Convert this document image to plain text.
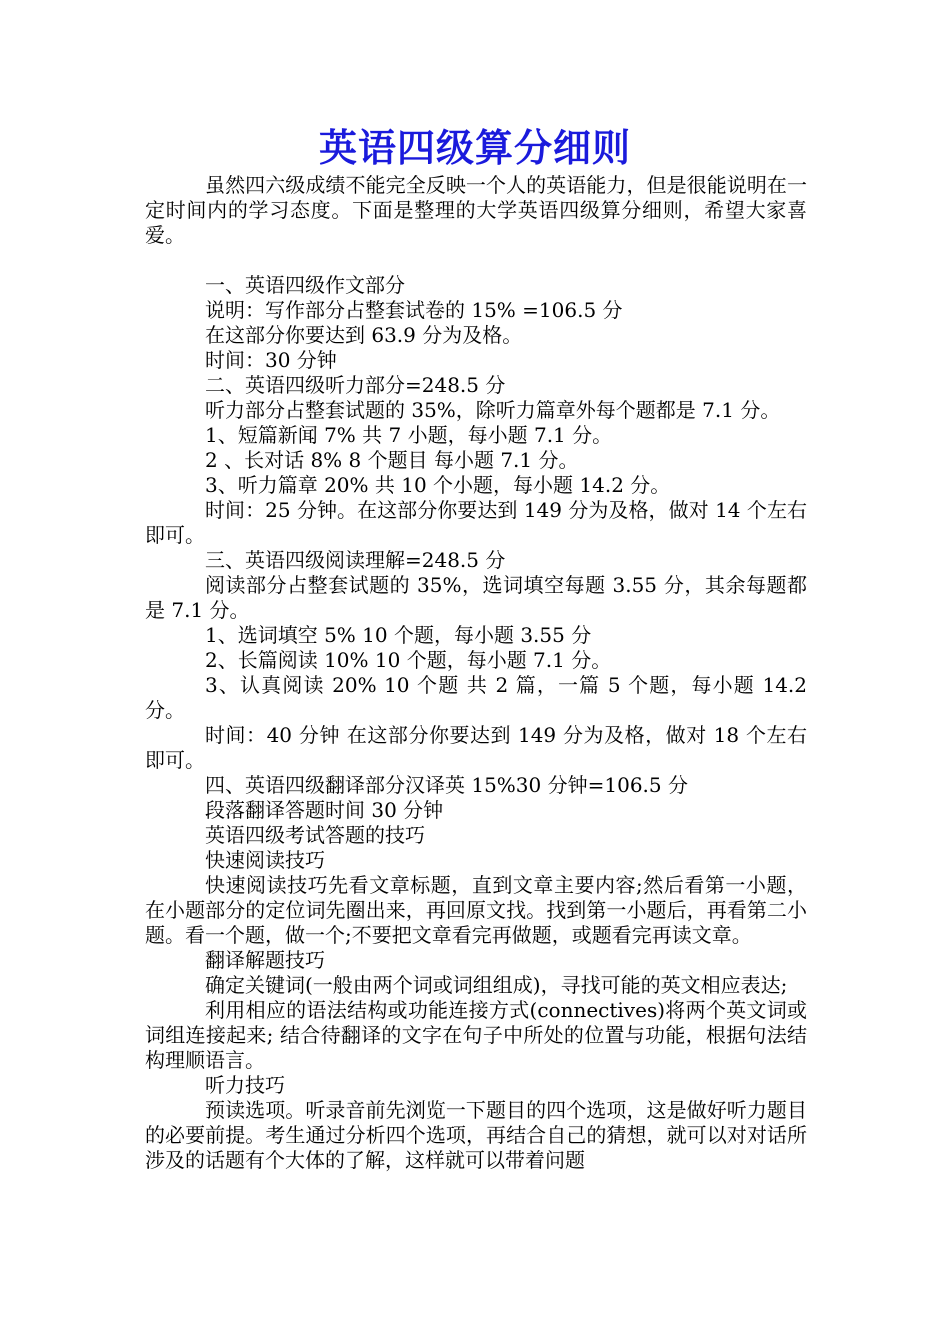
英语四级算分细则

虽然四六级成绩不能完全反映一个人的英语能力，但是很能说明在一定时间内的学习态度。下面是整理的大学英语四级算分细则，希望大家喜爱。

一、英语四级作文部分

说明：写作部分占整套试卷的 15% =106.5 分

在这部分你要达到 63.9 分为及格。

时间：30 分钟

二、英语四级听力部分=248.5 分

听力部分占整套试题的 35%，除听力篇章外每个题都是 7.1 分。

1、短篇新闻 7% 共 7 小题，每小题 7.1 分。

2 、长对话 8% 8 个题目 每小题 7.1 分。

3、听力篇章 20% 共 10 个小题，每小题 14.2 分。

时间：25 分钟。在这部分你要达到 149 分为及格，做对 14 个左右即可。

三、英语四级阅读理解=248.5 分

阅读部分占整套试题的 35%，选词填空每题 3.55 分，其余每题都是 7.1 分。

1、选词填空 5% 10 个题，每小题 3.55 分

2、长篇阅读 10% 10 个题，每小题 7.1 分。

3、认真阅读 20% 10 个题 共 2 篇，一篇 5 个题，每小题 14.2 分。

时间：40 分钟 在这部分你要达到 149 分为及格，做对 18 个左右即可。

四、英语四级翻译部分汉译英 15%30 分钟=106.5 分

段落翻译答题时间 30 分钟

英语四级考试答题的技巧

快速阅读技巧

快速阅读技巧先看文章标题，直到文章主要内容;然后看第一小题，在小题部分的定位词先圈出来，再回原文找。找到第一小题后，再看第二小题。看一个题，做一个;不要把文章看完再做题，或题看完再读文章。

翻译解题技巧

确定关键词(一般由两个词或词组组成)，寻找可能的英文相应表达;

利用相应的语法结构或功能连接方式(connectives)将两个英文词或词组连接起来; 结合待翻译的文字在句子中所处的位置与功能，根据句法结构理顺语言。

听力技巧

预读选项。听录音前先浏览一下题目的四个选项，这是做好听力题目的必要前提。考生通过分析四个选项，再结合自己的猜想，就可以对对话所涉及的话题有个大体的了解，这样就可以带着问题
